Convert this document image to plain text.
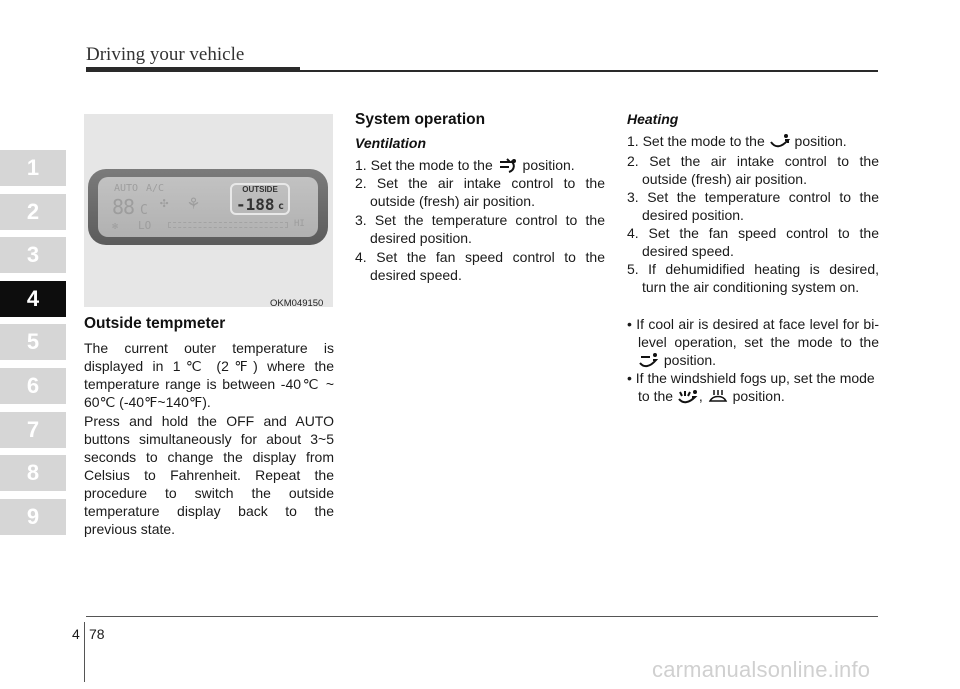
Driving your vehicle
1
2
3
4
5
6
7
8
9
AUTO A/C
88 C ✣ ⚘
✻ LO	HI
OUTSIDE
-188 c
OKM049150
Outside tempmeter

The current outer temperature is displayed in 1℃ (2℉) where the temperature range is between -40℃ ~ 60℃ (-40℉~140℉).

Press and hold the OFF and AUTO buttons simultaneously for about 3~5 seconds to change the display from Celsius to Fahrenheit. Repeat the procedure to switch the outside temperature display back to the previous state.

System operation
Ventilation

1. Set the mode to the position.

2. Set the air intake control to the outside (fresh) air position.

3. Set the temperature control to the desired position.

4. Set the fan speed control to the desired speed.

Heating

1. Set the mode to the position.

2. Set the air intake control to the outside (fresh) air position.

3. Set the temperature control to the desired position.

4. Set the fan speed control to the desired speed.

5. If dehumidified heating is desired, turn the air conditioning system on.

• If cool air is desired at face level for bi-level operation, set the mode to the  position.

• If the windshield fogs up, set the mode to the , position.

4 78
carmanualsonline.info
